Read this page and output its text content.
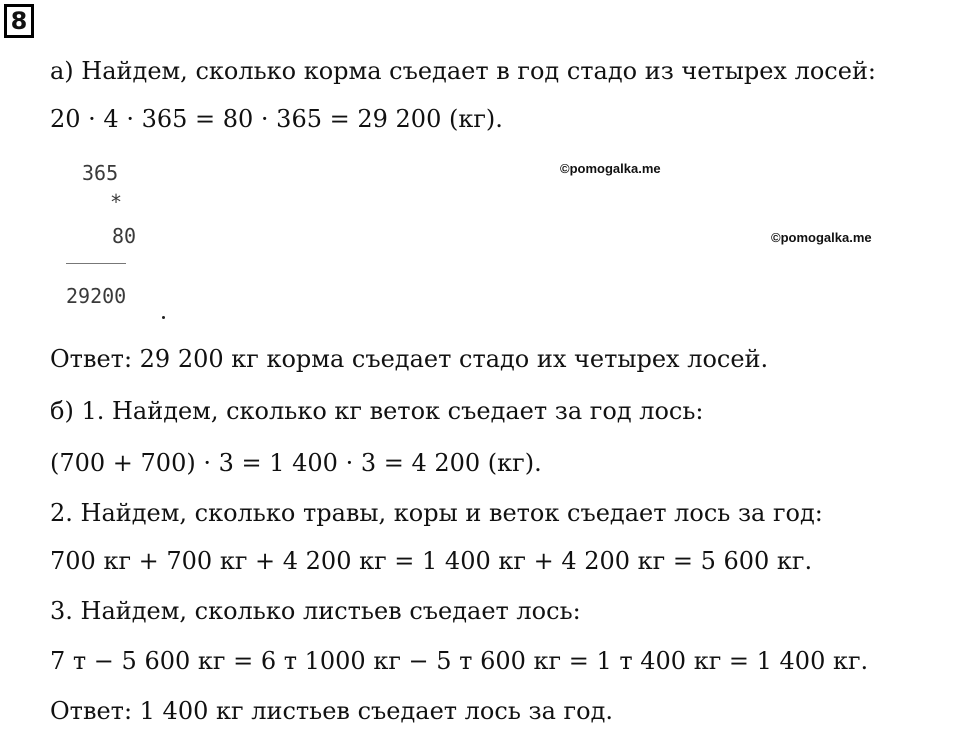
8
а) Найдем, сколько корма съедает в год стадо из четырех лосей:
20 · 4 · 365 = 80 · 365 = 29 200 (кг).
365
*
80
29200
©pomogalka.me
©pomogalka.me
Ответ: 29 200 кг корма съедает стадо их четырех лосей.
б) 1. Найдем, сколько кг веток съедает за год лось:
(700 + 700) · 3 = 1 400 · 3 = 4 200 (кг).
2. Найдем, сколько травы, коры и веток съедает лось за год:
700 кг + 700 кг + 4 200 кг = 1 400 кг + 4 200 кг = 5 600 кг.
3. Найдем, сколько листьев съедает лось:
7 т − 5 600 кг = 6 т 1000 кг − 5 т 600 кг = 1 т 400 кг = 1 400 кг.
Ответ: 1 400 кг листьев съедает лось за год.
